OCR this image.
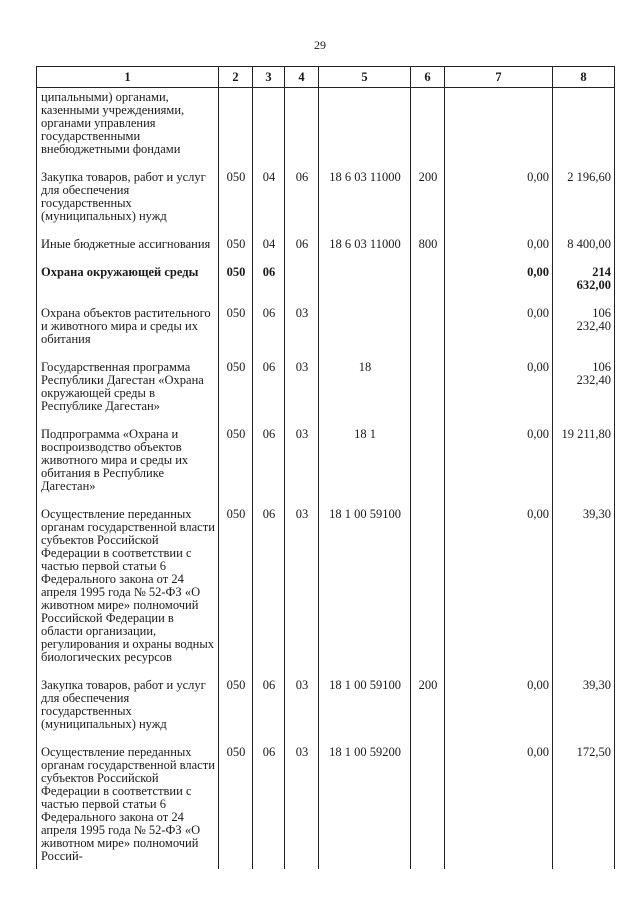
29
1	2	3	4	5	6	7	8
ципальными) органами, казенными учреждениями, органами управления государственными внебюджетными фондами							
Закупка товаров, работ и услуг для обеспечения государственных (муниципальных) нужд	050	04	06	18 6 03 11000	200	0,00	2 196,60
Иные бюджетные ассигнования	050	04	06	18 6 03 11000	800	0,00	8 400,00
Охрана окружающей среды	050	06				0,00	214 632,00
Охрана объектов растительного и животного мира и среды их обитания	050	06	03			0,00	106 232,40
Государственная программа Республики Дагестан «Охрана окружающей среды в Республике Дагестан»	050	06	03	18		0,00	106 232,40
Подпрограмма «Охрана и воспроизводство объектов животного мира и среды их обитания в Республике Дагестан»	050	06	03	18 1		0,00	19 211,80
Осуществление переданных органам государственной власти субъектов Российской Федерации в соответствии с частью первой статьи 6 Федерального закона от 24 апреля 1995 года № 52-ФЗ «О животном мире» полномочий Российской Федерации в области организации, регулирования и охраны водных биологических ресурсов	050	06	03	18 1 00 59100		0,00	39,30
Закупка товаров, работ и услуг для обеспечения государственных (муниципальных) нужд	050	06	03	18 1 00 59100	200	0,00	39,30
Осуществление переданных органам государственной власти субъектов Российской Федерации в соответствии с частью первой статьи 6 Федерального закона от 24 апреля 1995 года № 52-ФЗ «О животном мире» полномочий Россий-	050	06	03	18 1 00 59200		0,00	172,50
